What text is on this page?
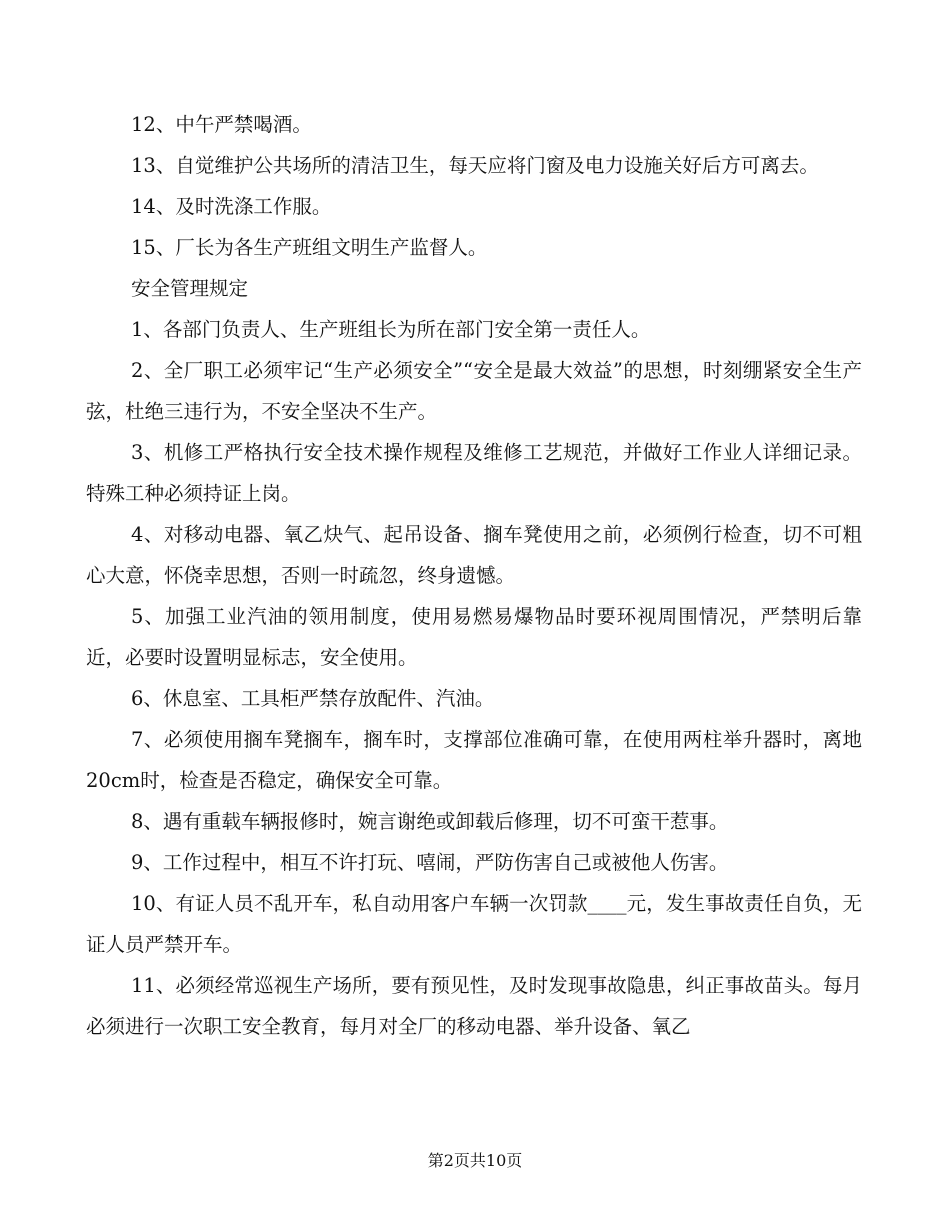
12、中午严禁喝酒。

13、自觉维护公共场所的清洁卫生，每天应将门窗及电力设施关好后方可离去。

14、及时洗涤工作服。

15、厂长为各生产班组文明生产监督人。

安全管理规定

1、各部门负责人、生产班组长为所在部门安全第一责任人。

2、全厂职工必须牢记“生产必须安全”“安全是最大效益”的思想，时刻绷紧安全生产弦，杜绝三违行为，不安全坚决不生产。

3、机修工严格执行安全技术操作规程及维修工艺规范，并做好工作业人详细记录。特殊工种必须持证上岗。

4、对移动电器、氧乙炔气、起吊设备、搁车凳使用之前，必须例行检查，切不可粗心大意，怀侥幸思想，否则一时疏忽，终身遗憾。

5、加强工业汽油的领用制度，使用易燃易爆物品时要环视周围情况，严禁明后靠近，必要时设置明显标志，安全使用。

6、休息室、工具柜严禁存放配件、汽油。

7、必须使用搁车凳搁车，搁车时，支撑部位准确可靠，在使用两柱举升器时，离地20cm时，检查是否稳定，确保安全可靠。

8、遇有重载车辆报修时，婉言谢绝或卸载后修理，切不可蛮干惹事。

9、工作过程中，相互不许打玩、嘻闹，严防伤害自己或被他人伤害。

10、有证人员不乱开车，私自动用客户车辆一次罚款____元，发生事故责任自负，无证人员严禁开车。

11、必须经常巡视生产场所，要有预见性，及时发现事故隐患，纠正事故苗头。每月必须进行一次职工安全教育，每月对全厂的移动电器、举升设备、氧乙

第2页共10页
